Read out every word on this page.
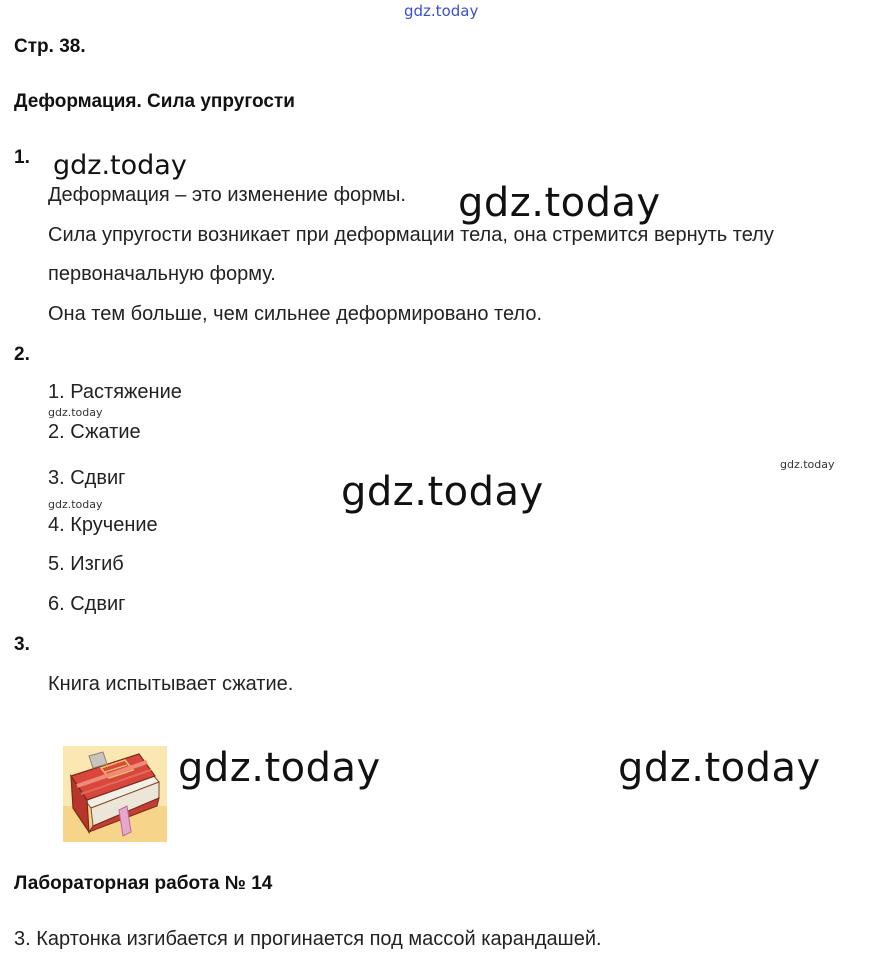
gdz.today
Стр. 38.
Деформация. Сила упругости
1. gdz.today
Деформация – это изменение формы. gdz.today
Сила упругости возникает при деформации тела, она стремится вернуть телу
первоначальную форму.
Она тем больше, чем сильнее деформировано тело.
2.
1. Растяжение
gdz.today
2. Сжатие
3. Сдвиг
gdz.today
gdz.today
gdz.today
4. Кручение
5. Изгиб
6. Сдвиг
3.
Книга испытывает сжатие.
gdz.today	gdz.today
Лабораторная работа № 14
3. Картонка изгибается и прогинается под массой карандашей.
